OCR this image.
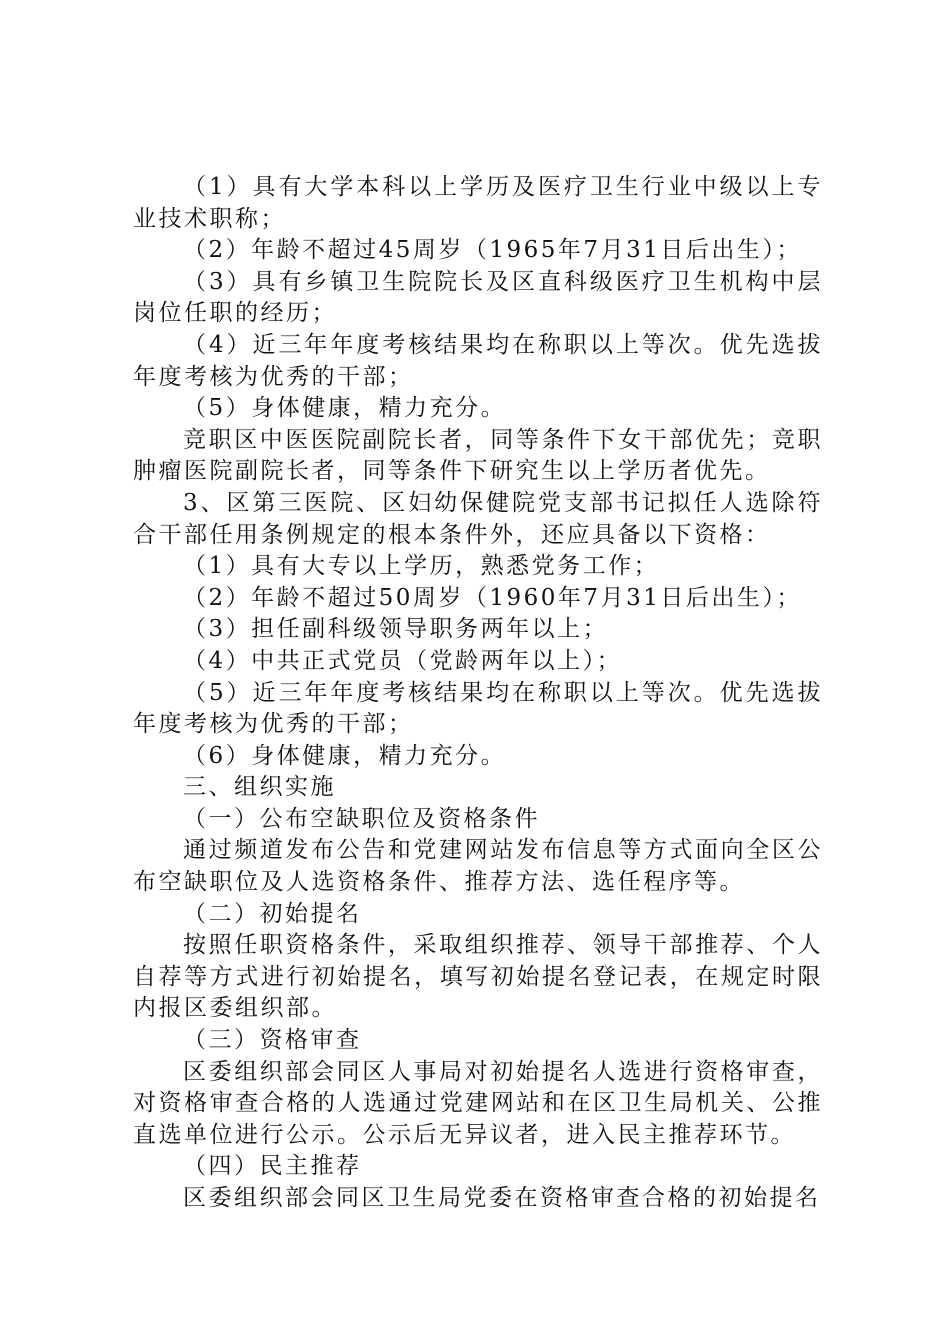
（1）具有大学本科以上学历及医疗卫生行业中级以上专业技术职称；

（2）年龄不超过45周岁（1965年7月31日后出生）；

（3）具有乡镇卫生院院长及区直科级医疗卫生机构中层岗位任职的经历；

（4）近三年年度考核结果均在称职以上等次。优先选拔年度考核为优秀的干部；

（5）身体健康，精力充分。

竞职区中医医院副院长者，同等条件下女干部优先；竞职肿瘤医院副院长者，同等条件下研究生以上学历者优先。

3、区第三医院、区妇幼保健院党支部书记拟任人选除符合干部任用条例规定的根本条件外，还应具备以下资格：

（1）具有大专以上学历，熟悉党务工作；

（2）年龄不超过50周岁（1960年7月31日后出生）；

（3）担任副科级领导职务两年以上；

（4）中共正式党员（党龄两年以上）；

（5）近三年年度考核结果均在称职以上等次。优先选拔年度考核为优秀的干部；

（6）身体健康，精力充分。

三、组织实施

（一）公布空缺职位及资格条件

通过频道发布公告和党建网站发布信息等方式面向全区公布空缺职位及人选资格条件、推荐方法、选任程序等。

（二）初始提名

按照任职资格条件，采取组织推荐、领导干部推荐、个人自荐等方式进行初始提名，填写初始提名登记表，在规定时限内报区委组织部。

（三）资格审查

区委组织部会同区人事局对初始提名人选进行资格审查，对资格审查合格的人选通过党建网站和在区卫生局机关、公推直选单位进行公示。公示后无异议者，进入民主推荐环节。

（四）民主推荐

区委组织部会同区卫生局党委在资格审查合格的初始提名
